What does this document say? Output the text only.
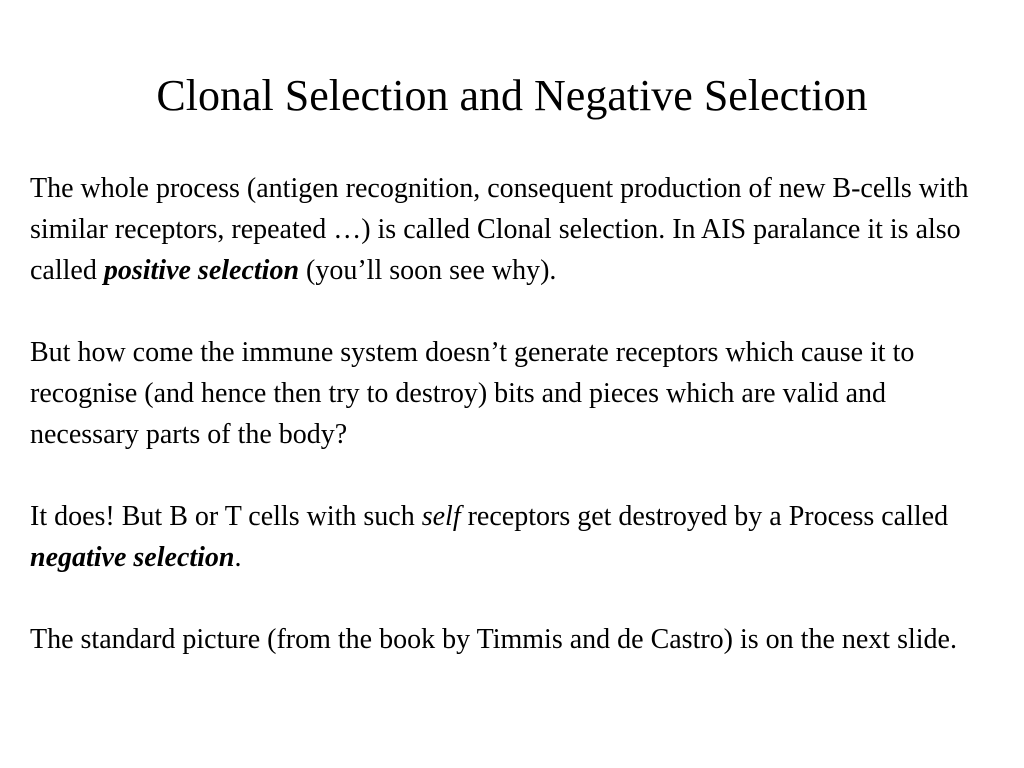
Clonal Selection and Negative Selection

The whole process (antigen recognition, consequent production of new B-cells with similar receptors, repeated …) is called Clonal selection. In AIS paralance it is also called positive selection (you’ll soon see why).

But how come the immune system doesn’t generate receptors which cause it to recognise (and hence then try to destroy) bits and pieces which are valid and necessary parts of the body?

It does! But B or T cells with such self receptors get destroyed by a Process called negative selection.

The standard picture (from the book by Timmis and de Castro) is on the next slide.
